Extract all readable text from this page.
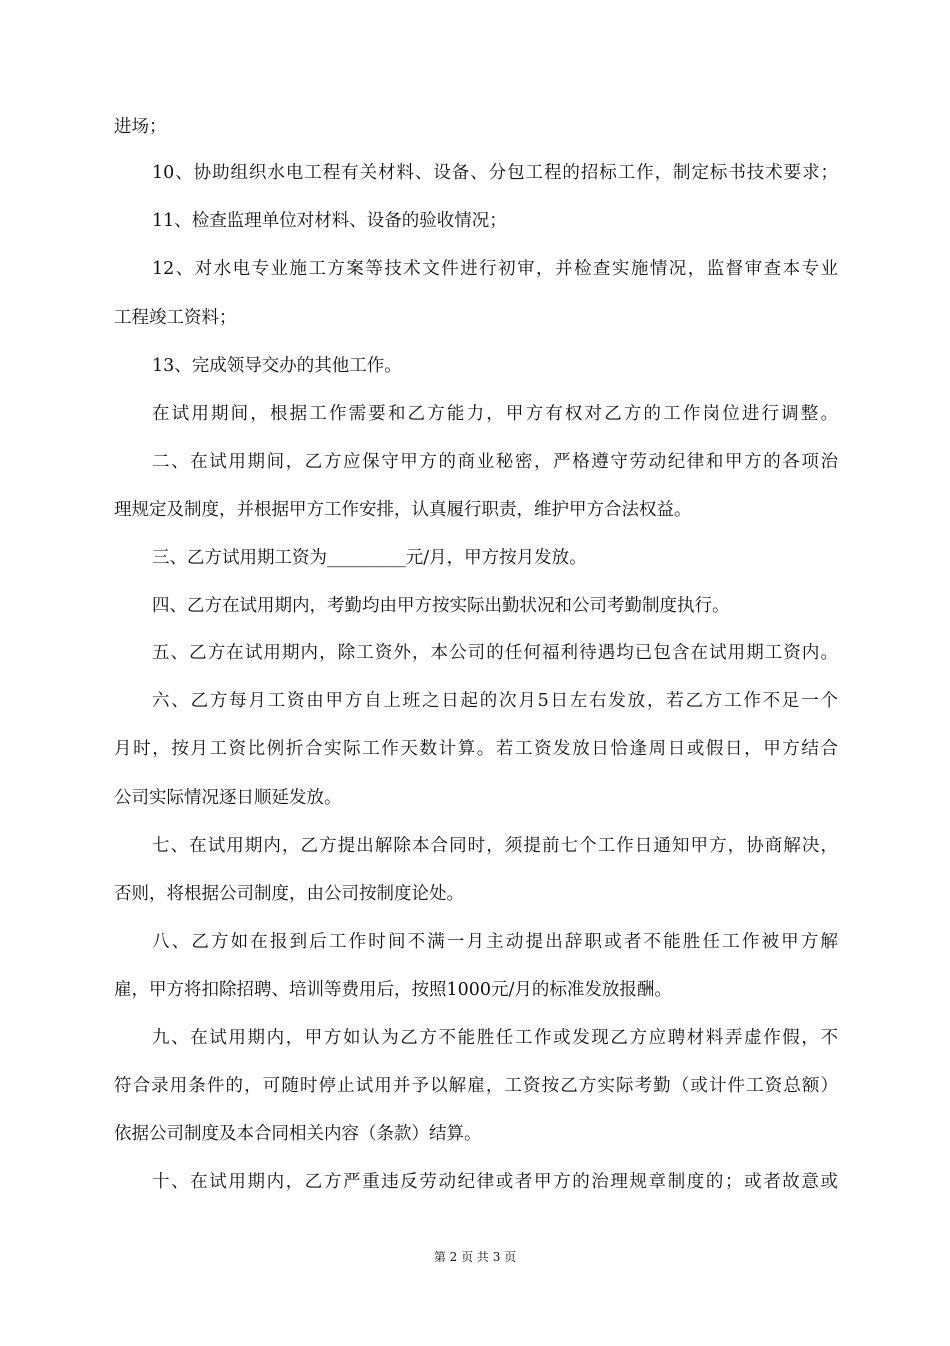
进场；
10、协助组织水电工程有关材料、设备、分包工程的招标工作，制定标书技术要求；
11、检查监理单位对材料、设备的验收情况；
12、对水电专业施工方案等技术文件进行初审，并检查实施情况，监督审查本专业
工程竣工资料；
13、完成领导交办的其他工作。
在试用期间，根据工作需要和乙方能力，甲方有权对乙方的工作岗位进行调整。
二、在试用期间，乙方应保守甲方的商业秘密，严格遵守劳动纪律和甲方的各项治
理规定及制度，并根据甲方工作安排，认真履行职责，维护甲方合法权益。
三、乙方试用期工资为_________元/月，甲方按月发放。
四、乙方在试用期内，考勤均由甲方按实际出勤状况和公司考勤制度执行。
五、乙方在试用期内，除工资外，本公司的任何福利待遇均已包含在试用期工资内。
六、乙方每月工资由甲方自上班之日起的次月5日左右发放，若乙方工作不足一个
月时，按月工资比例折合实际工作天数计算。若工资发放日恰逢周日或假日，甲方结合
公司实际情况逐日顺延发放。
七、在试用期内，乙方提出解除本合同时，须提前七个工作日通知甲方，协商解决，
否则，将根据公司制度，由公司按制度论处。
八、乙方如在报到后工作时间不满一月主动提出辞职或者不能胜任工作被甲方解
雇，甲方将扣除招聘、培训等费用后，按照1000元/月的标准发放报酬。
九、在试用期内，甲方如认为乙方不能胜任工作或发现乙方应聘材料弄虚作假，不
符合录用条件的，可随时停止试用并予以解雇，工资按乙方实际考勤（或计件工资总额）
依据公司制度及本合同相关内容（条款）结算。
十、在试用期内，乙方严重违反劳动纪律或者甲方的治理规章制度的；或者故意或
第 2 页 共 3 页
